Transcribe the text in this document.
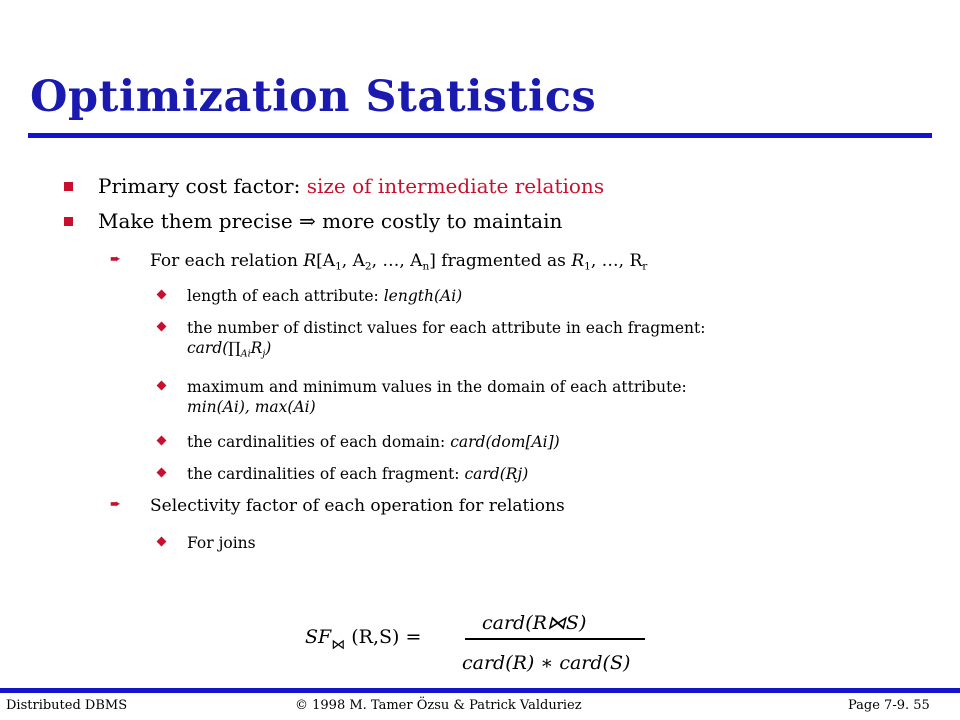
Optimization Statistics
Primary cost factor: size of intermediate relations
Make them precise ⇒ more costly to maintain
➨ For each relation $R[A_1$, $A_2$, …, $A_n$] fragmented as $R_1$, …, $R_r$
length of each attribute: length(Ai)
the number of distinct values for each attribute in each fragment:
$card(\prod_{Ai}R_j)$
maximum and minimum values in the domain of each attribute:
min(Ai), max(Ai)
the cardinalities of each domain: card(dom[Ai])
the cardinalities of each fragment: card(Rj)
➨ Selectivity factor of each operation for relations
For joins
$SF_⋈$ (R,S) =
card(R⋈S)
card(R) ∗ card(S)
Distributed DBMS	© 1998 M. Tamer Özsu & Patrick Valduriez	Page 7-9. 55
